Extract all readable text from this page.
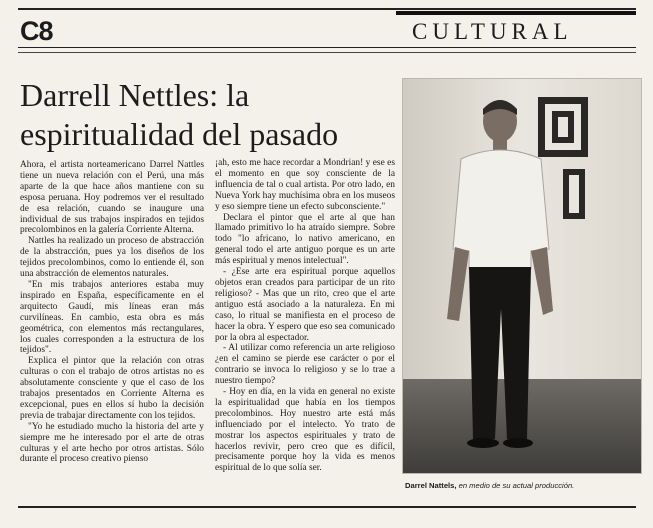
C8	CULTURAL
Darrell Nettles: la
espiritualidad del pasado

Ahora, el artista norteamericano Darrel Nattles tiene un nueva relación con el Perú, una más aparte de la que hace años mantiene con su esposa peruana. Hoy podremos ver el resultado de esa relación, cuando se inaugure una individual de sus trabajos inspirados en tejidos precolombinos en la galería Corriente Alterna.

Nattles ha realizado un proceso de abstracción de la abstracción, pues ya los diseños de los tejidos precolombinos, como lo entiende él, son una abstracción de elementos naturales.

"En mis trabajos anteriores estaba muy inspirado en España, específicamente en el arquitecto Gaudí, mis líneas eran más curvilíneas. En cambio, esta obra es más geométrica, con elementos más rectangulares, los cuales corresponden a la estructura de los tejidos".

Explica el pintor que la relación con otras culturas o con el trabajo de otros artistas no es absolutamente consciente y que el caso de los trabajos presentados en Corriente Alterna es excepcional, pues en ellos sí hubo la decisión previa de trabajar directamente con los tejidos.

"Yo he estudiado mucho la historia del arte y siempre me he interesado por el arte de otras culturas y el arte hecho por otros artistas. Sólo durante el proceso creativo pienso

¡ah, esto me hace recordar a Mondrian! y ese es el momento en que soy consciente de la influencia de tal o cual artista. Por otro lado, en Nueva York hay muchísima obra en los museos y eso siempre tiene un efecto subconsciente."

Declara el pintor que el arte al que han llamado primitivo lo ha atraído siempre. Sobre todo "lo africano, lo nativo americano, en general todo el arte antiguo porque es un arte más espiritual y menos intelectual".

- ¿Ese arte era espiritual porque aquellos objetos eran creados para participar de un rito religioso? - Mas que un rito, creo que el arte antiguo está asociado a la naturaleza. En mi caso, lo ritual se manifiesta en el proceso de hacer la obra. Y espero que eso sea comunicado por la obra al espectador.

- Al utilizar como referencia un arte religioso ¿en el camino se pierde ese carácter o por el contrario se invoca lo religioso y se lo trae a nuestro tiempo?

- Hoy en día, en la vida en general no existe la espiritualidad que había en los tiempos precolombinos. Hoy nuestro arte está más influenciado por el intelecto. Yo trato de mostrar los aspectos espirituales y trato de hacerlos revivir, pero creo que es difícil, precisamente porque hoy la vida es menos espiritual de lo que solía ser.

Darrel Nattels, en medio de su actual producción.
